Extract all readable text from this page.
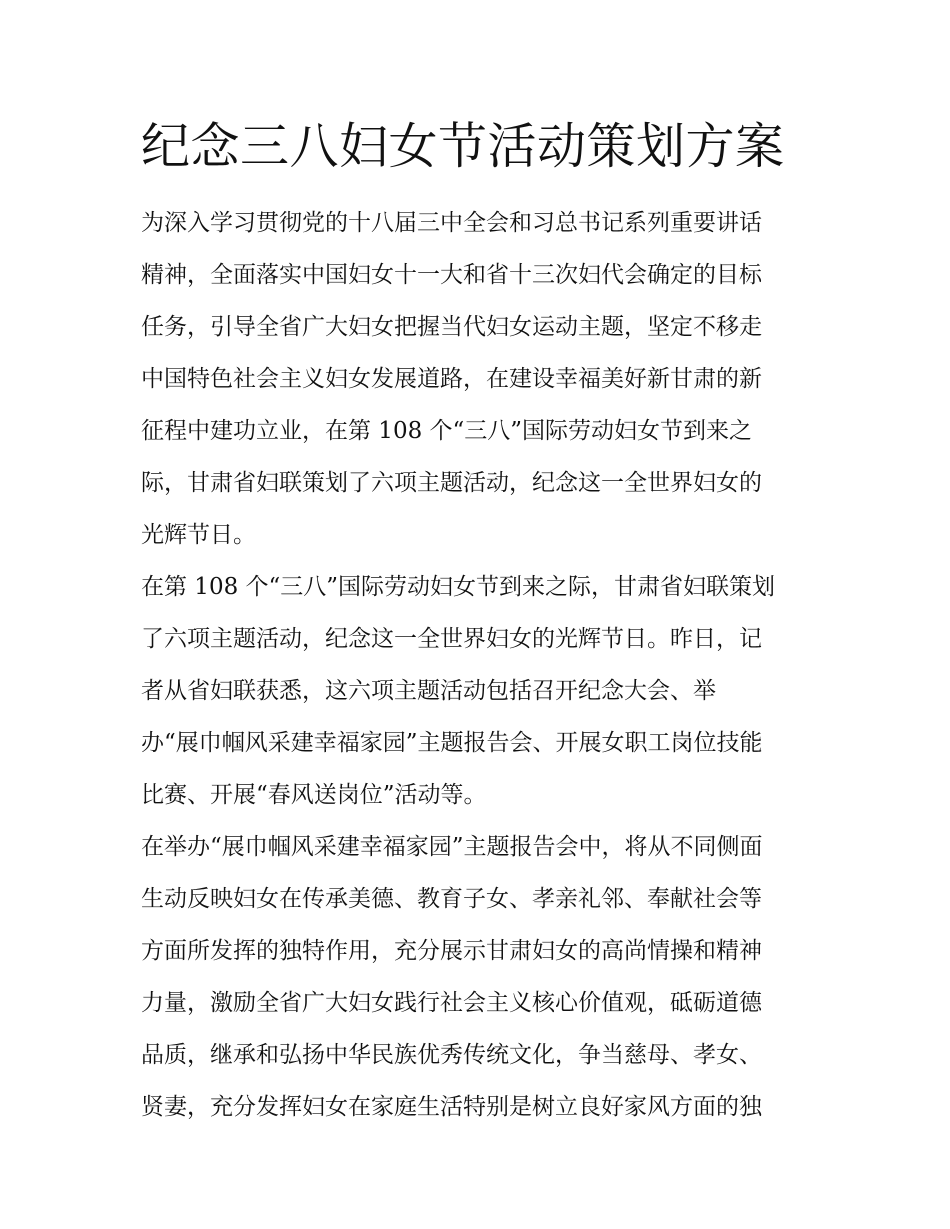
纪念三八妇女节活动策划方案

为深入学习贯彻党的十八届三中全会和习总书记系列重要讲话
精神，全面落实中国妇女十一大和省十三次妇代会确定的目标
任务，引导全省广大妇女把握当代妇女运动主题，坚定不移走
中国特色社会主义妇女发展道路，在建设幸福美好新甘肃的新
征程中建功立业，在第 108 个“三八”国际劳动妇女节到来之
际，甘肃省妇联策划了六项主题活动，纪念这一全世界妇女的
光辉节日。

在第 108 个“三八”国际劳动妇女节到来之际，甘肃省妇联策划
了六项主题活动，纪念这一全世界妇女的光辉节日。昨日，记
者从省妇联获悉，这六项主题活动包括召开纪念大会、举
办“展巾帼风采建幸福家园”主题报告会、开展女职工岗位技能
比赛、开展“春风送岗位”活动等。

在举办“展巾帼风采建幸福家园”主题报告会中，将从不同侧面
生动反映妇女在传承美德、教育子女、孝亲礼邻、奉献社会等
方面所发挥的独特作用，充分展示甘肃妇女的高尚情操和精神
力量，激励全省广大妇女践行社会主义核心价值观，砥砺道德
品质，继承和弘扬中华民族优秀传统文化，争当慈母、孝女、
贤妻，充分发挥妇女在家庭生活特别是树立良好家风方面的独
